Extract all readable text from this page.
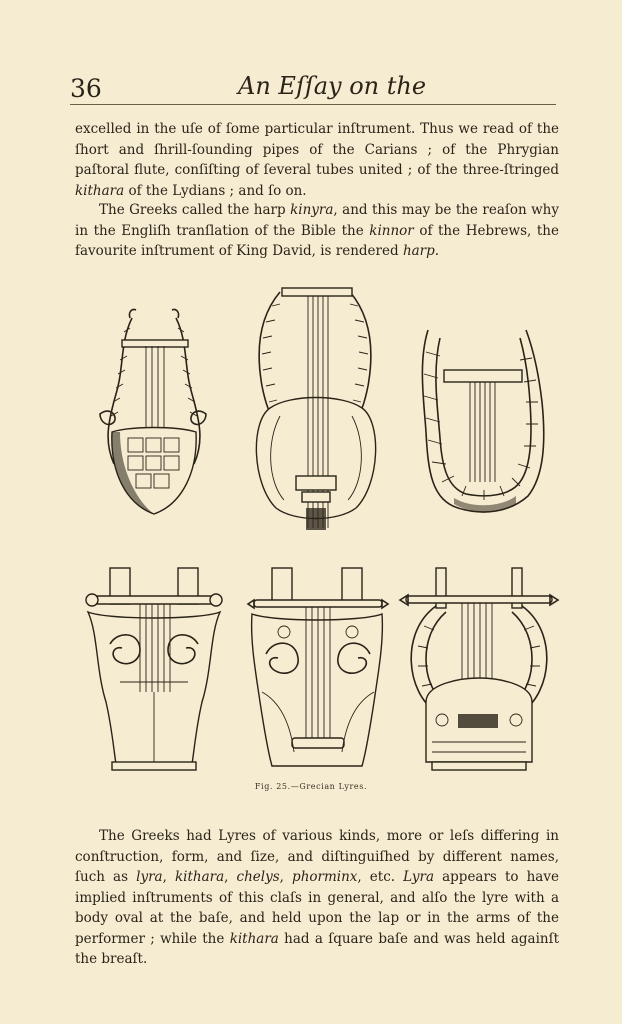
36	An Eſſay on the

excelled in the uſe of ſome particular inſtrument. Thus we read of the ſhort and ſhrill-ſounding pipes of the Carians ; of the Phrygian paſtoral flute, conſiſting of ſeveral tubes united ; of the three-ſtringed kithara of the Lydians ; and ſo on.

The Greeks called the harp kinyra, and this may be the reaſon why in the Engliſh tranſlation of the Bible the kinnor of the Hebrews, the favourite inſtrument of King David, is rendered harp.

Fig. 25.—Grecian Lyres.

The Greeks had Lyres of various kinds, more or leſs differing in conſtruction, form, and ſize, and diſtinguiſhed by different names, ſuch as lyra, kithara, chelys, phorminx, etc. Lyra appears to have implied inſtruments of this claſs in general, and alſo the lyre with a body oval at the baſe, and held upon the lap or in the arms of the performer ; while the kithara had a ſquare baſe and was held againſt the breaſt.
